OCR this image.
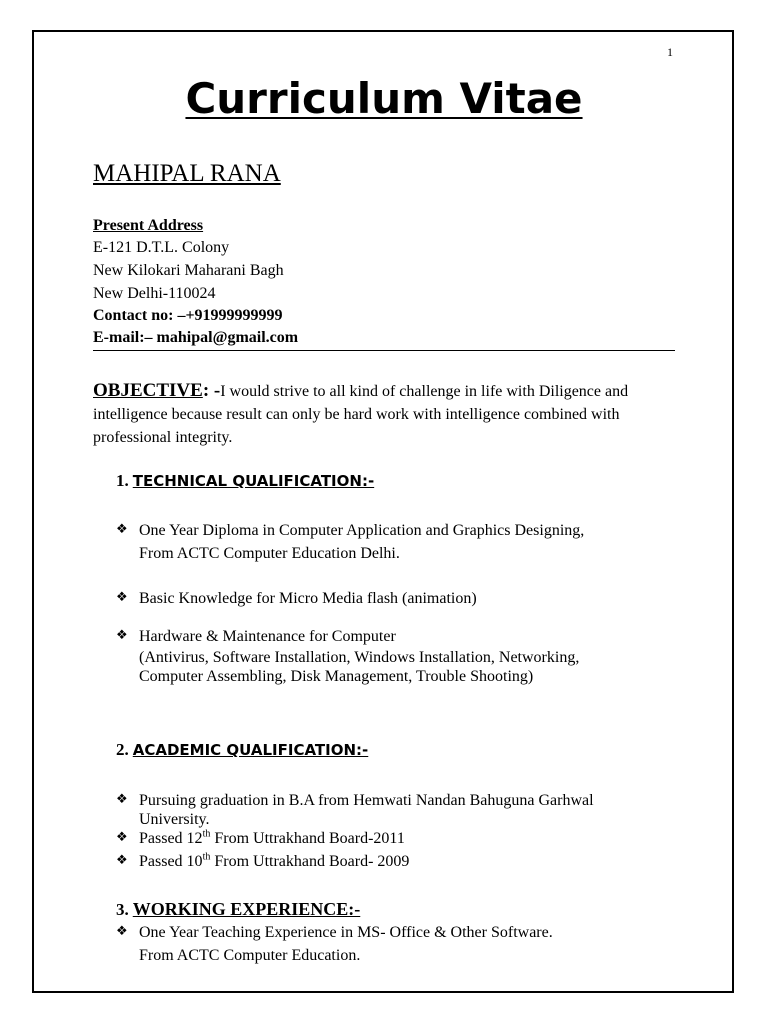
1
Curriculum Vitae
MAHIPAL RANA
Present Address
E-121 D.T.L. Colony
New Kilokari Maharani Bagh
New Delhi-110024
Contact no: –+91999999999
E-mail:– mahipal@gmail.com
OBJECTIVE: -I would strive to all kind of challenge in life with Diligence and intelligence because result can only be hard work with intelligence combined with professional integrity.
1. TECHNICAL QUALIFICATION:-
❖ One Year Diploma in Computer Application and Graphics Designing,
From ACTC Computer Education Delhi.
❖ Basic Knowledge for Micro Media flash (animation)
❖ Hardware & Maintenance for Computer
(Antivirus, Software Installation, Windows Installation, Networking,
Computer Assembling, Disk Management, Trouble Shooting)
2. ACADEMIC QUALIFICATION:-
❖ Pursuing graduation in B.A from Hemwati Nandan Bahuguna Garhwal
University.
❖ Passed 12th From Uttrakhand Board-2011
❖ Passed 10th From Uttrakhand Board- 2009
3. WORKING EXPERIENCE:-
❖ One Year Teaching Experience in MS- Office & Other Software.
From ACTC Computer Education.
